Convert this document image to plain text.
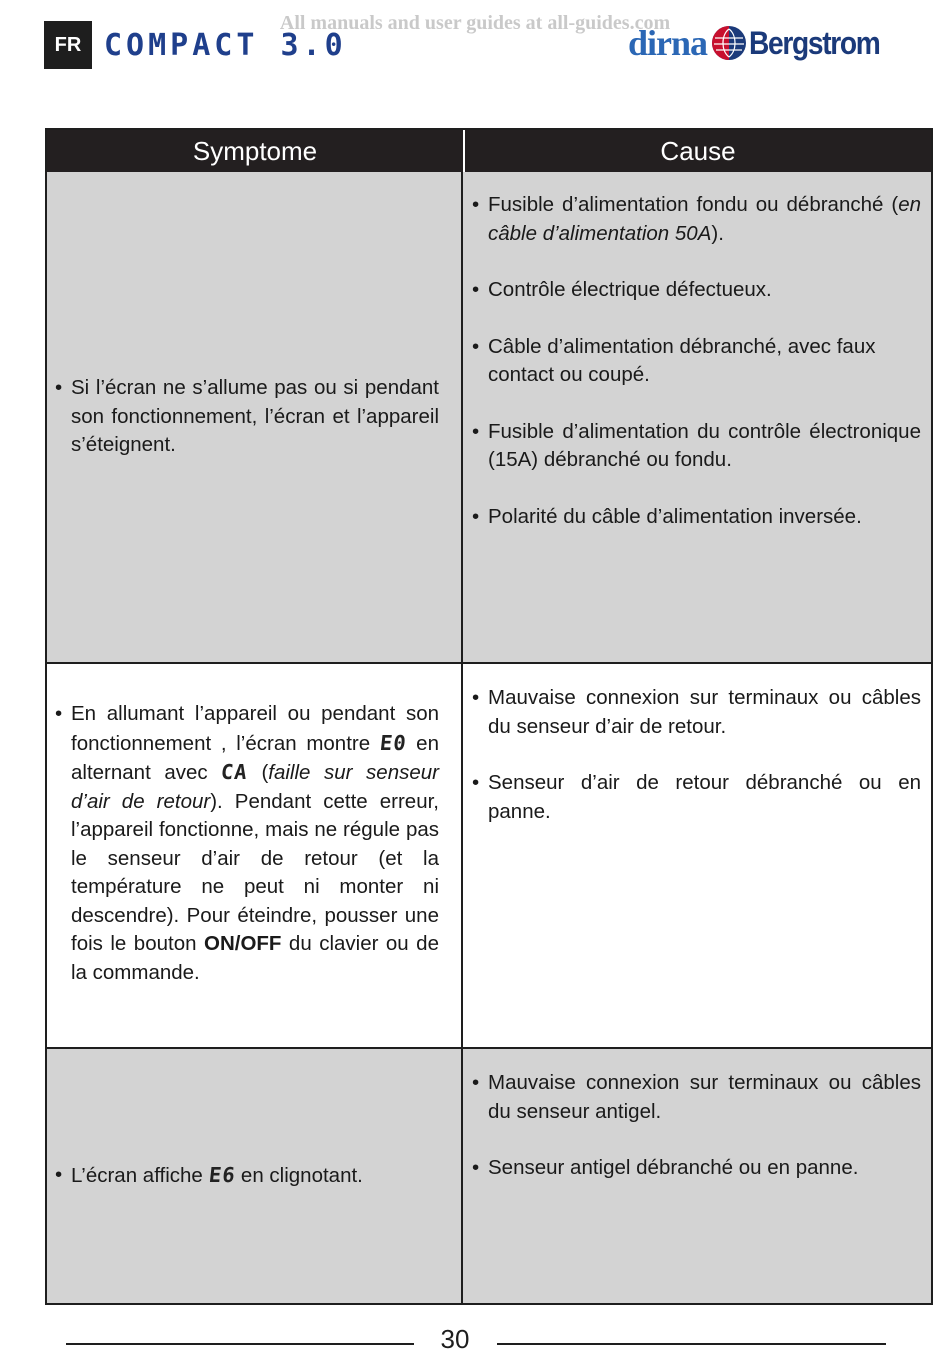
All manuals and user guides at all-guides.com
FR COMPACT 3.0	dirna Bergstrom
Symptome	Cause
• Si l’écran ne s’allume pas ou si pendant son fonctionnement, l’écran et l’appareil s’éteignent.
• Fusible d’alimentation fondu ou débranché (en câble d’alimentation 50A).
• Contrôle électrique défectueux.
• Câble d’alimentation débranché, avec faux contact ou coupé.
• Fusible d’alimentation du contrôle électronique (15A) débranché ou fondu.
• Polarité du câble d’alimentation inversée.
• En allumant l’appareil ou pendant son fonctionnement , l’écran montre E0 en alternant avec CA (faille sur senseur d’air de retour). Pendant cette erreur, l’appareil fonctionne, mais ne régule pas le senseur d’air de retour (et la température ne peut ni monter ni descendre). Pour éteindre, pousser une fois le bouton ON/OFF du clavier ou de la commande.
• Mauvaise connexion sur terminaux ou câbles du senseur d’air de retour.
• Senseur d’air de retour débranché ou en panne.
• L’écran affiche E6 en clignotant.
• Mauvaise connexion sur terminaux ou câbles du senseur antigel.
• Senseur antigel débranché ou en panne.
30
